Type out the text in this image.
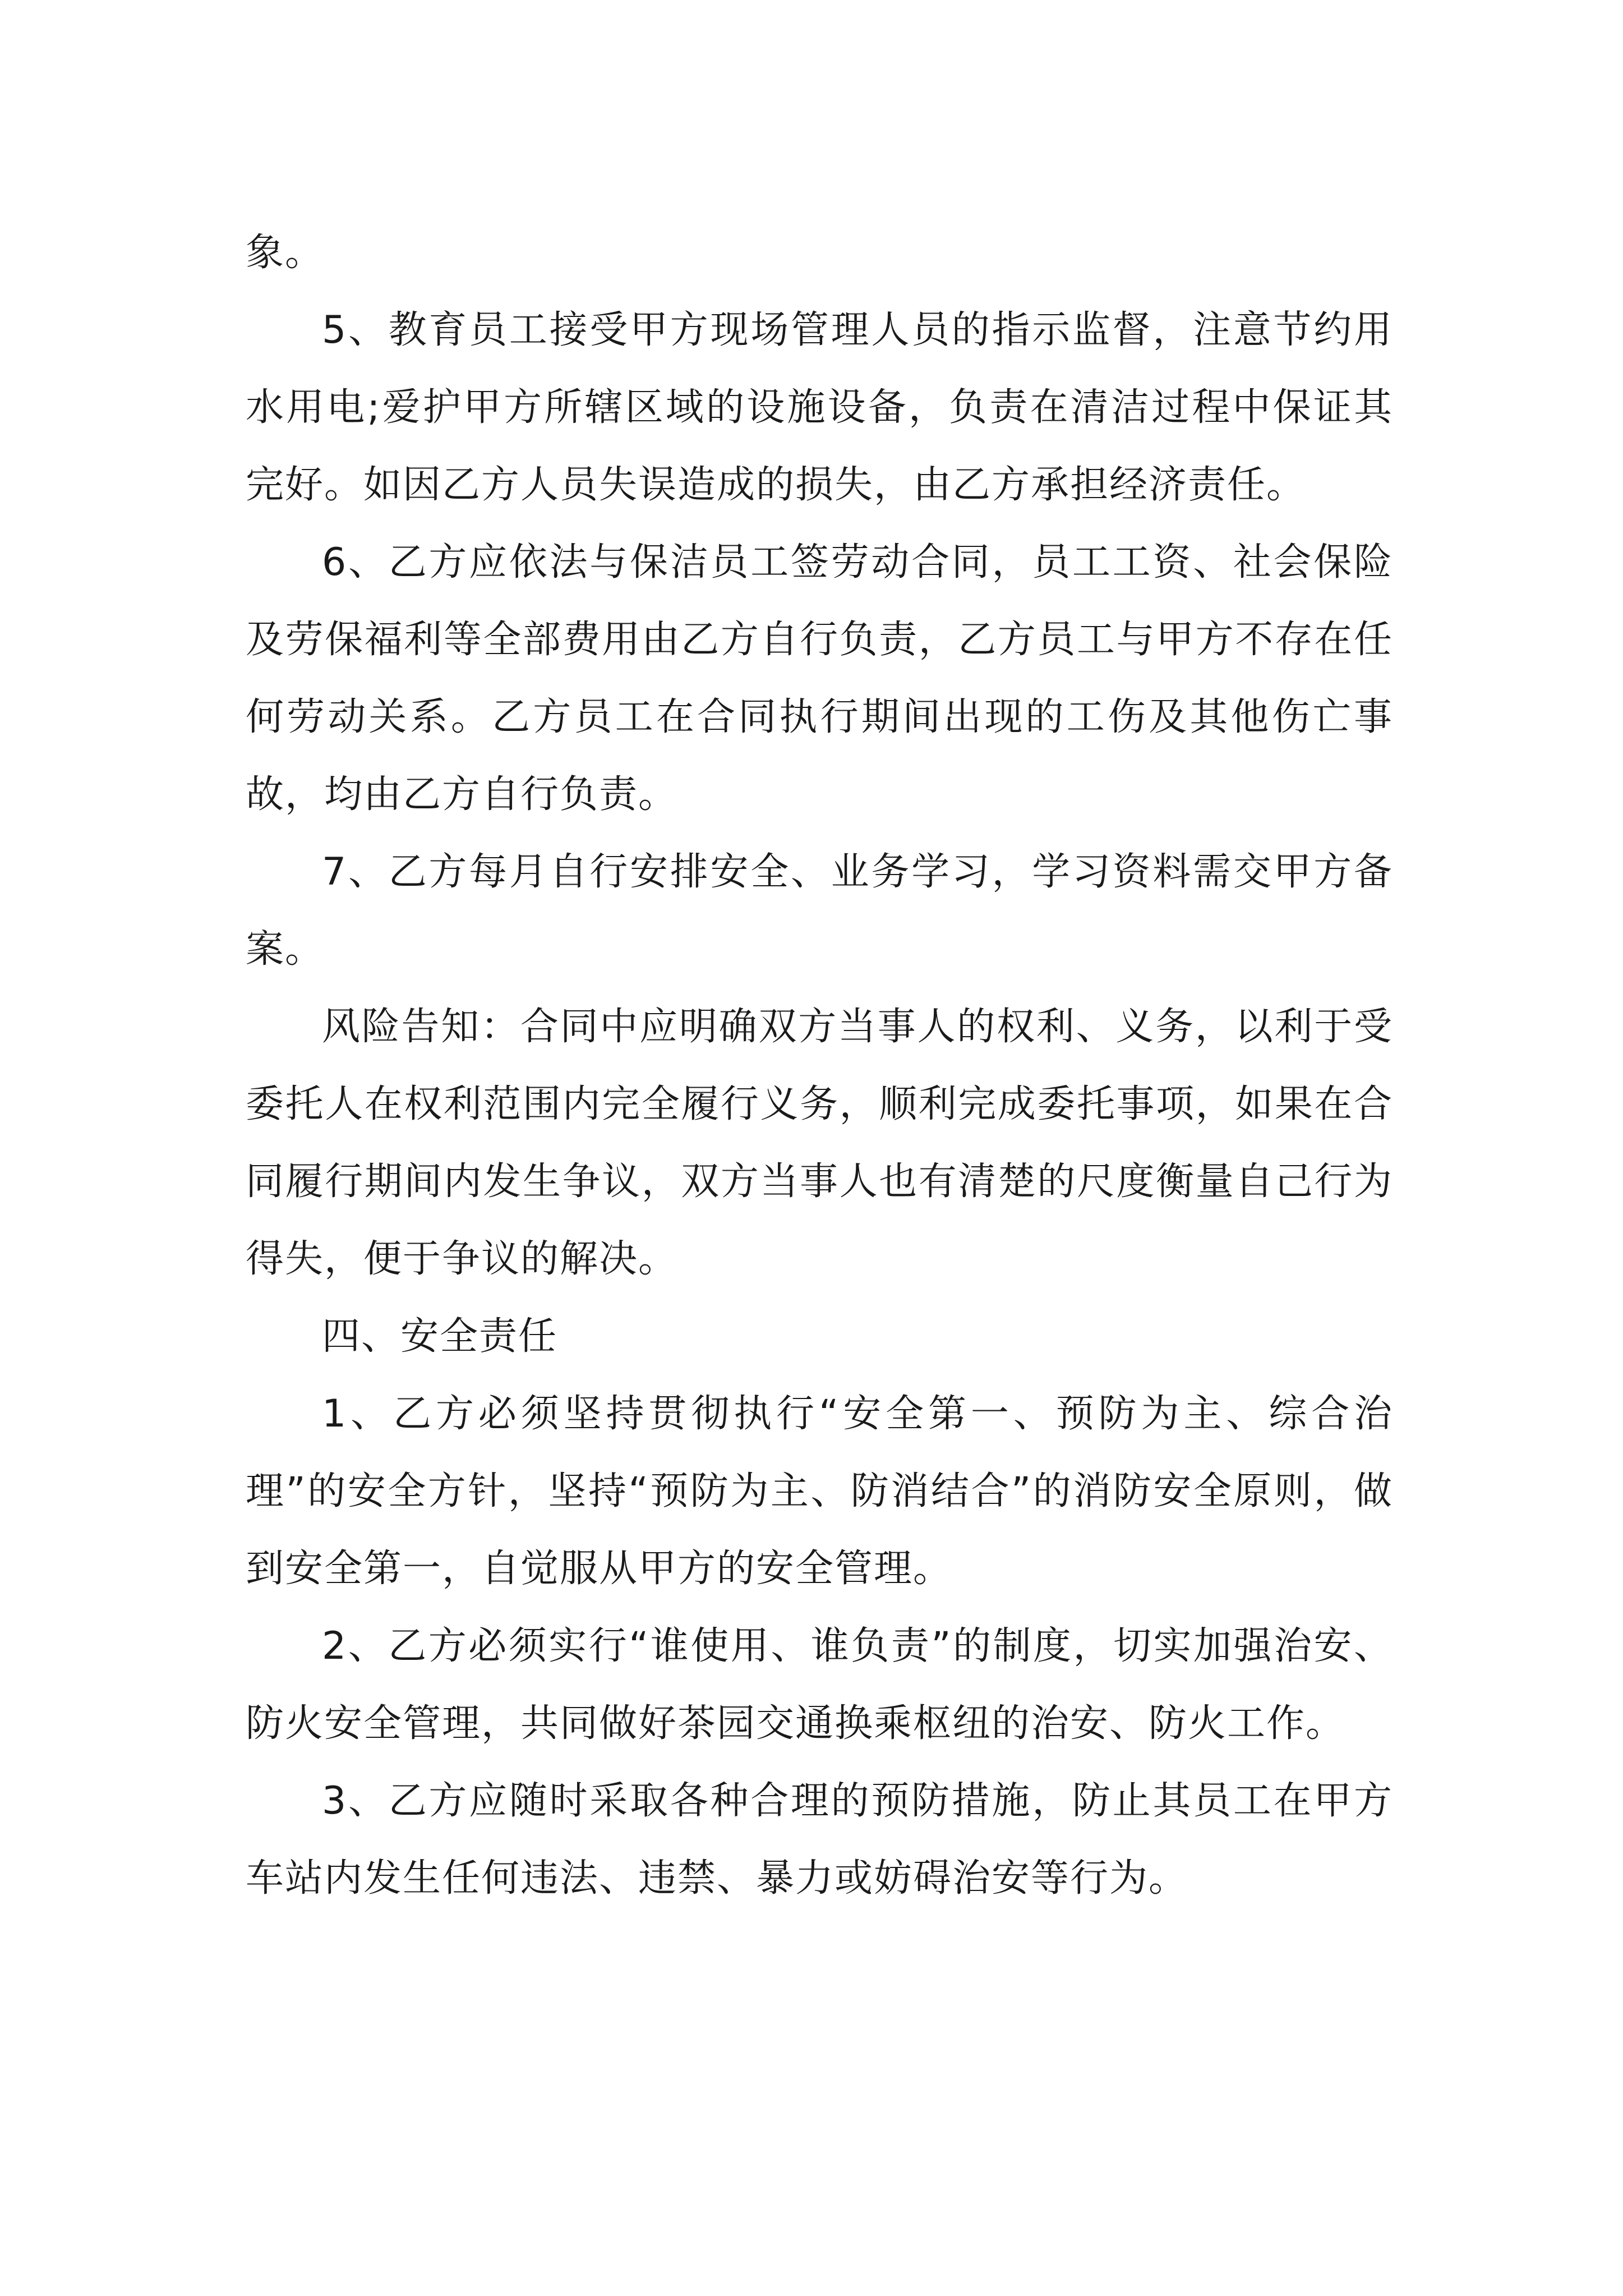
象。

5、教育员工接受甲方现场管理人员的指示监督，注意节约用水用电;爱护甲方所辖区域的设施设备，负责在清洁过程中保证其完好。如因乙方人员失误造成的损失，由乙方承担经济责任。

6、乙方应依法与保洁员工签劳动合同，员工工资、社会保险及劳保福利等全部费用由乙方自行负责，乙方员工与甲方不存在任何劳动关系。乙方员工在合同执行期间出现的工伤及其他伤亡事故，均由乙方自行负责。

7、乙方每月自行安排安全、业务学习，学习资料需交甲方备案。

风险告知：合同中应明确双方当事人的权利、义务，以利于受委托人在权利范围内完全履行义务，顺利完成委托事项，如果在合同履行期间内发生争议，双方当事人也有清楚的尺度衡量自己行为得失，便于争议的解决。

四、安全责任

1、乙方必须坚持贯彻执行“安全第一、预防为主、综合治理”的安全方针，坚持“预防为主、防消结合”的消防安全原则，做到安全第一，自觉服从甲方的安全管理。

2、乙方必须实行“谁使用、谁负责”的制度，切实加强治安、防火安全管理，共同做好茶园交通换乘枢纽的治安、防火工作。

3、乙方应随时采取各种合理的预防措施，防止其员工在甲方车站内发生任何违法、违禁、暴力或妨碍治安等行为。
